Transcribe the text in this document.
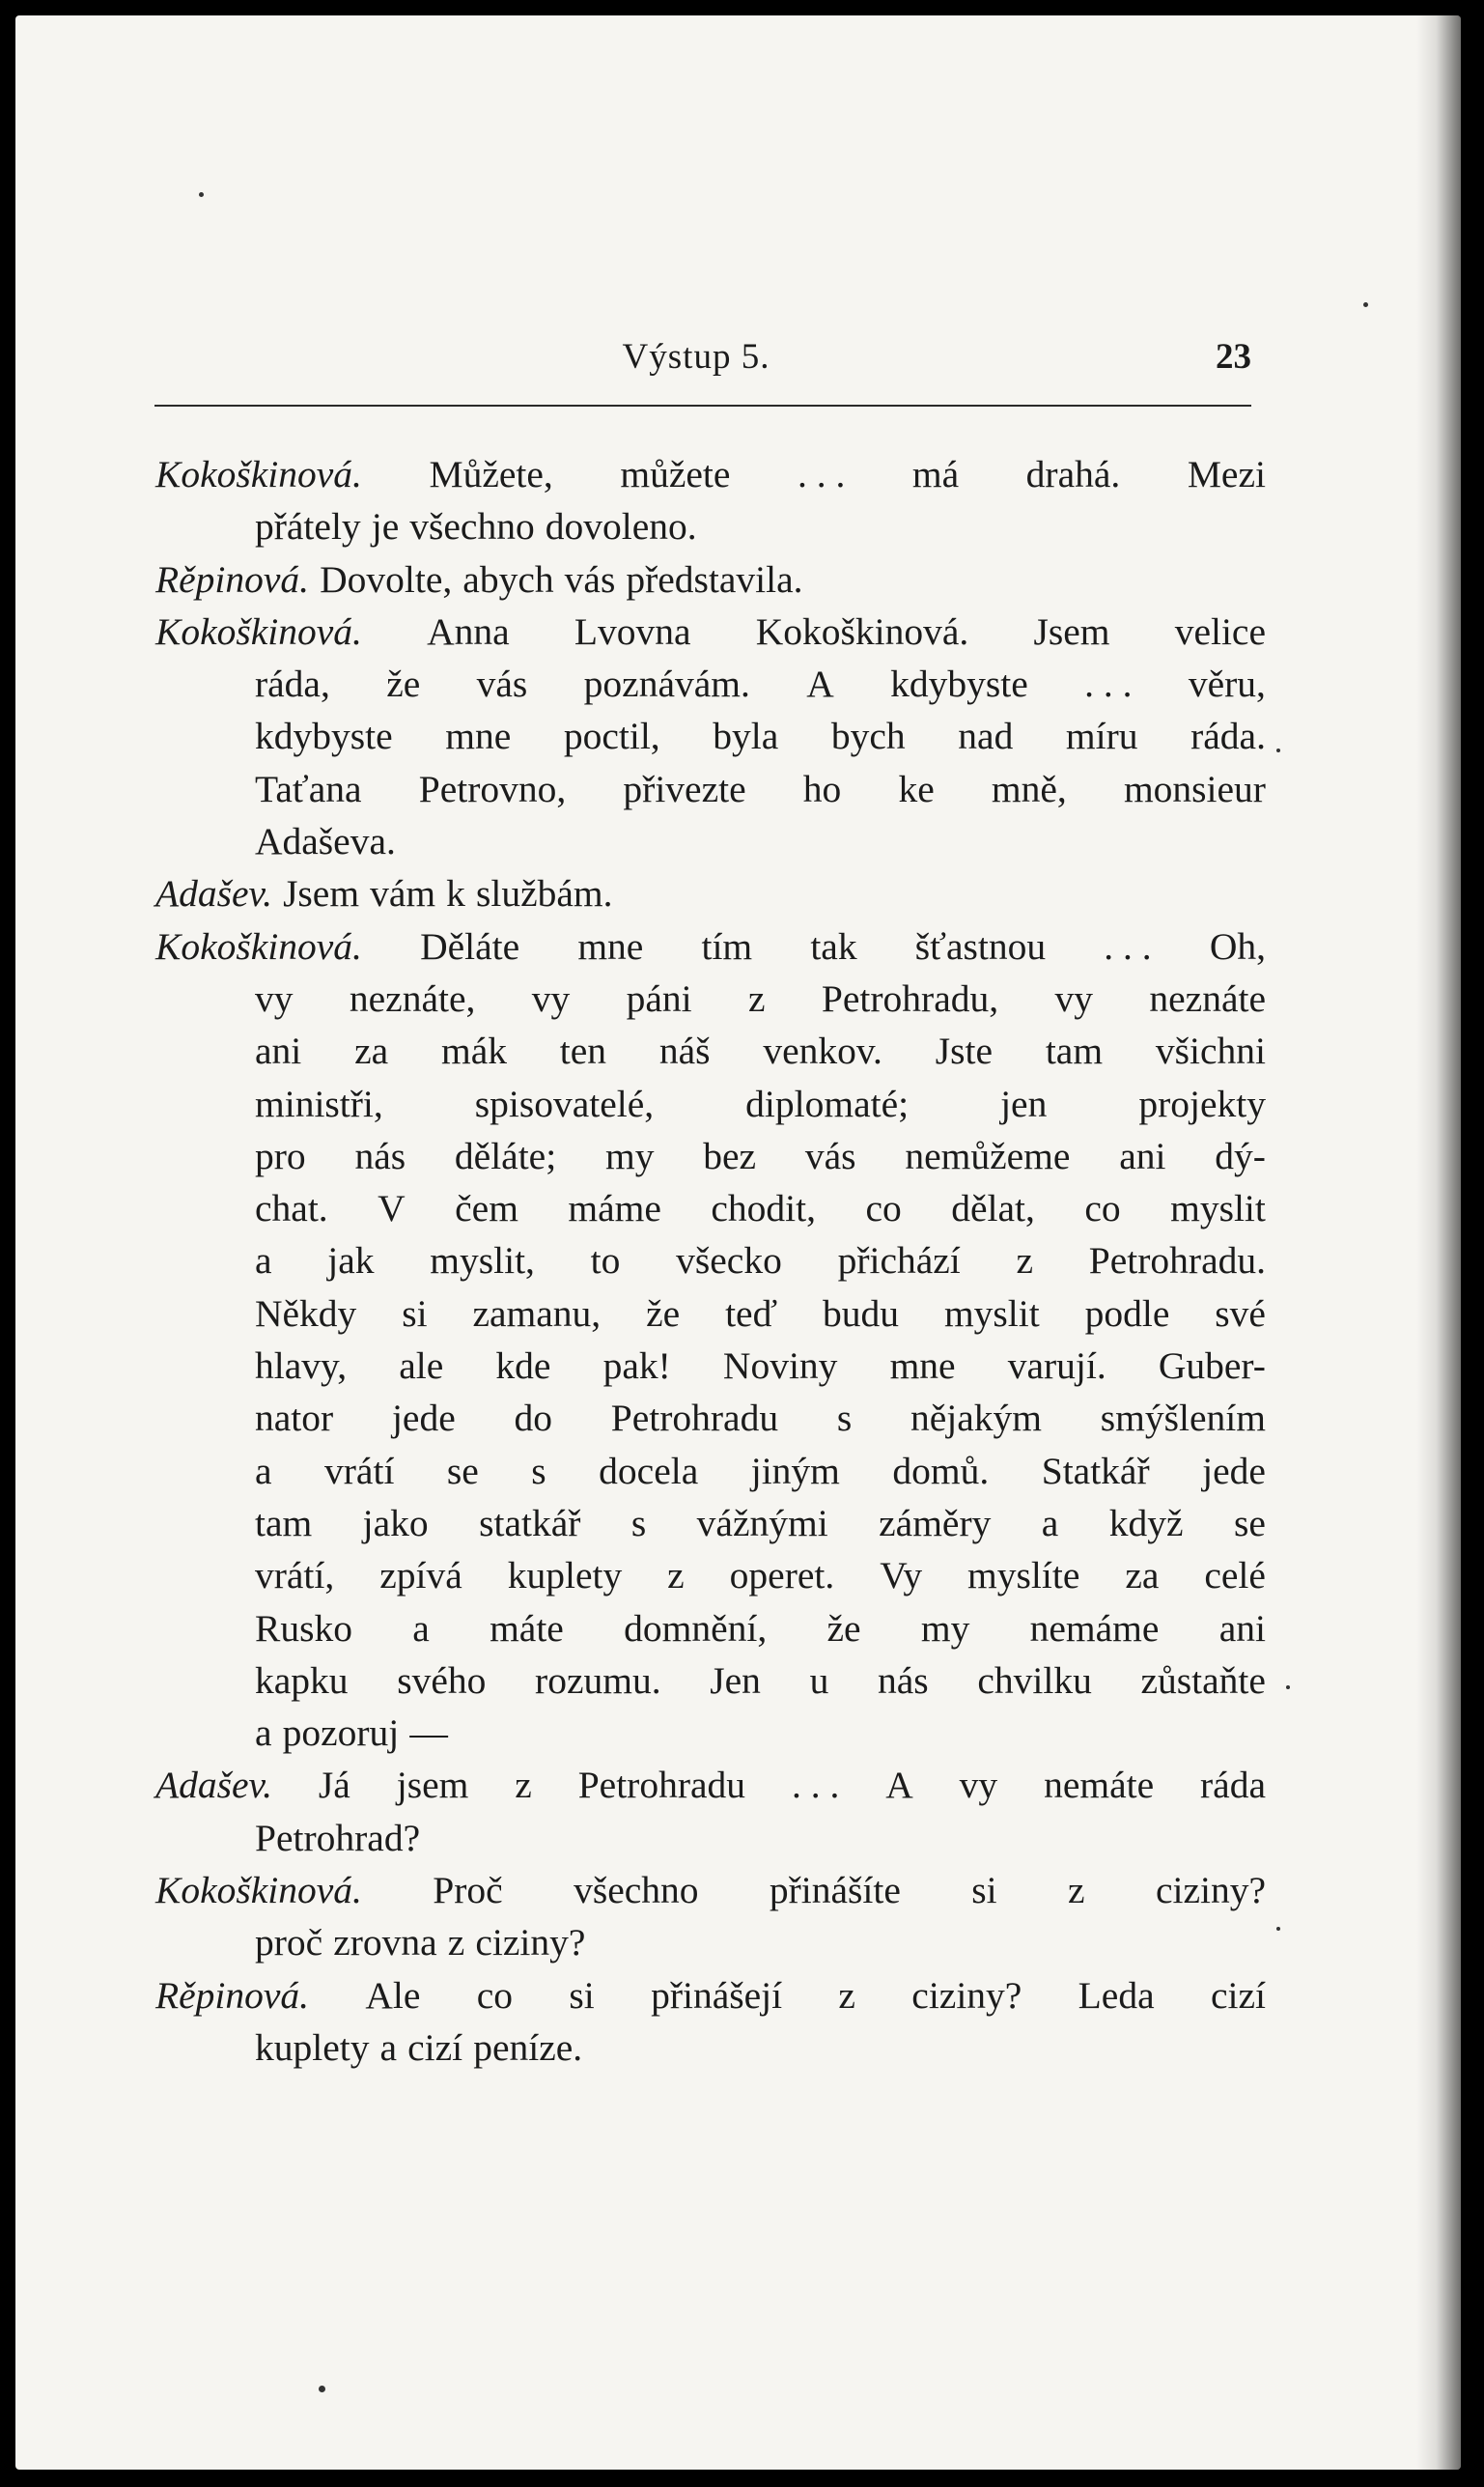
Výstup 5.	23
Kokoškinová. Můžete, můžete . . . má drahá. Mezi
přátely je všechno dovoleno.
Rěpinová. Dovolte, abych vás představila.
Kokoškinová. Anna Lvovna Kokoškinová. Jsem velice
ráda, že vás poznávám. A kdybyste . . . věru,
kdybyste mne poctil, byla bych nad míru ráda.
Taťana Petrovno, přivezte ho ke mně, monsieur
Adaševa.
Adašev. Jsem vám k službám.
Kokoškinová. Děláte mne tím tak šťastnou . . . Oh,
vy neznáte, vy páni z Petrohradu, vy neznáte
ani za mák ten náš venkov. Jste tam všichni
ministři, spisovatelé, diplomaté; jen projekty
pro nás děláte; my bez vás nemůžeme ani dý-
chat. V čem máme chodit, co dělat, co myslit
a jak myslit, to všecko přichází z Petrohradu.
Někdy si zamanu, že teď budu myslit podle své
hlavy, ale kde pak! Noviny mne varují. Guber-
nator jede do Petrohradu s nějakým smýšlením
a vrátí se s docela jiným domů. Statkář jede
tam jako statkář s vážnými záměry a když se
vrátí, zpívá kuplety z operet. Vy myslíte za celé
Rusko a máte domnění, že my nemáme ani
kapku svého rozumu. Jen u nás chvilku zůstaňte
a pozoruj —
Adašev. Já jsem z Petrohradu . . . A vy nemáte ráda
Petrohrad?
Kokoškinová. Proč všechno přinášíte si z ciziny?
proč zrovna z ciziny?
Rěpinová. Ale co si přinášejí z ciziny? Leda cizí
kuplety a cizí peníze.
